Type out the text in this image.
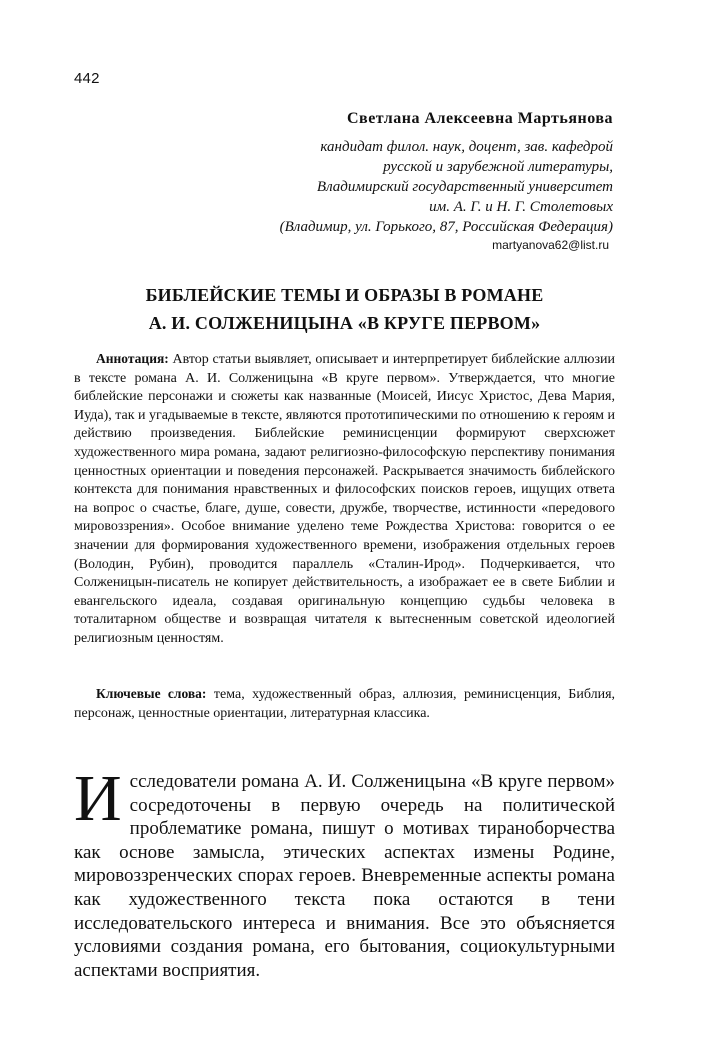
442
Светлана Алексеевна Мартьянова

кандидат филол. наук, доцент, зав. кафедрой

русской и зарубежной литературы,

Владимирский государственный университет

им. А. Г. и Н. Г. Столетовых

(Владимир, ул. Горького, 87, Российская Федерация)

martyanova62@list.ru
БИБЛЕЙСКИЕ ТЕМЫ И ОБРАЗЫ В РОМАНЕ
А. И. СОЛЖЕНИЦЫНА «В КРУГЕ ПЕРВОМ»

Аннотация: Автор статьи выявляет, описывает и интерпретирует библейские аллюзии в тексте романа А. И. Солженицына «В круге первом». Утверждается, что многие библейские персонажи и сюжеты как названные (Моисей, Иисус Христос, Дева Мария, Иуда), так и угадываемые в тексте, являются прототипическими по отношению к героям и действию произведения. Библейские реминисценции формируют сверхсюжет художественного мира романа, задают религиозно-философскую перспективу понимания ценностных ориентации и поведения персонажей. Раскрывается значимость библейского контекста для понимания нравственных и философских поисков героев, ищущих ответа на вопрос о счастье, благе, душе, совести, дружбе, творчестве, истинности «передового мировоззрения». Особое внимание уделено теме Рождества Христова: говорится о ее значении для формирования художественного времени, изображения отдельных героев (Володин, Рубин), проводится параллель «Сталин-Ирод». Подчеркивается, что Солженицын-писатель не копирует действительность, а изображает ее в свете Библии и евангельского идеала, создавая оригинальную концепцию судьбы человека в тоталитарном обществе и возвращая читателя к вытесненным советской идеологией религиозным ценностям.

Ключевые слова: тема, художественный образ, аллюзия, реминисценция, Библия, персонаж, ценностные ориентации, литературная классика.

Исследователи романа А. И. Солженицына «В круге первом» сосредоточены в первую очередь на политической проблематике романа, пишут о мотивах тираноборчества как основе замысла, этических аспектах измены Родине, мировоззренческих спорах героев. Вневременные аспекты романа как художественного текста пока остаются в тени исследовательского интереса и внимания. Все это объясняется условиями создания романа, его бытования, социокультурными аспектами восприятия.
